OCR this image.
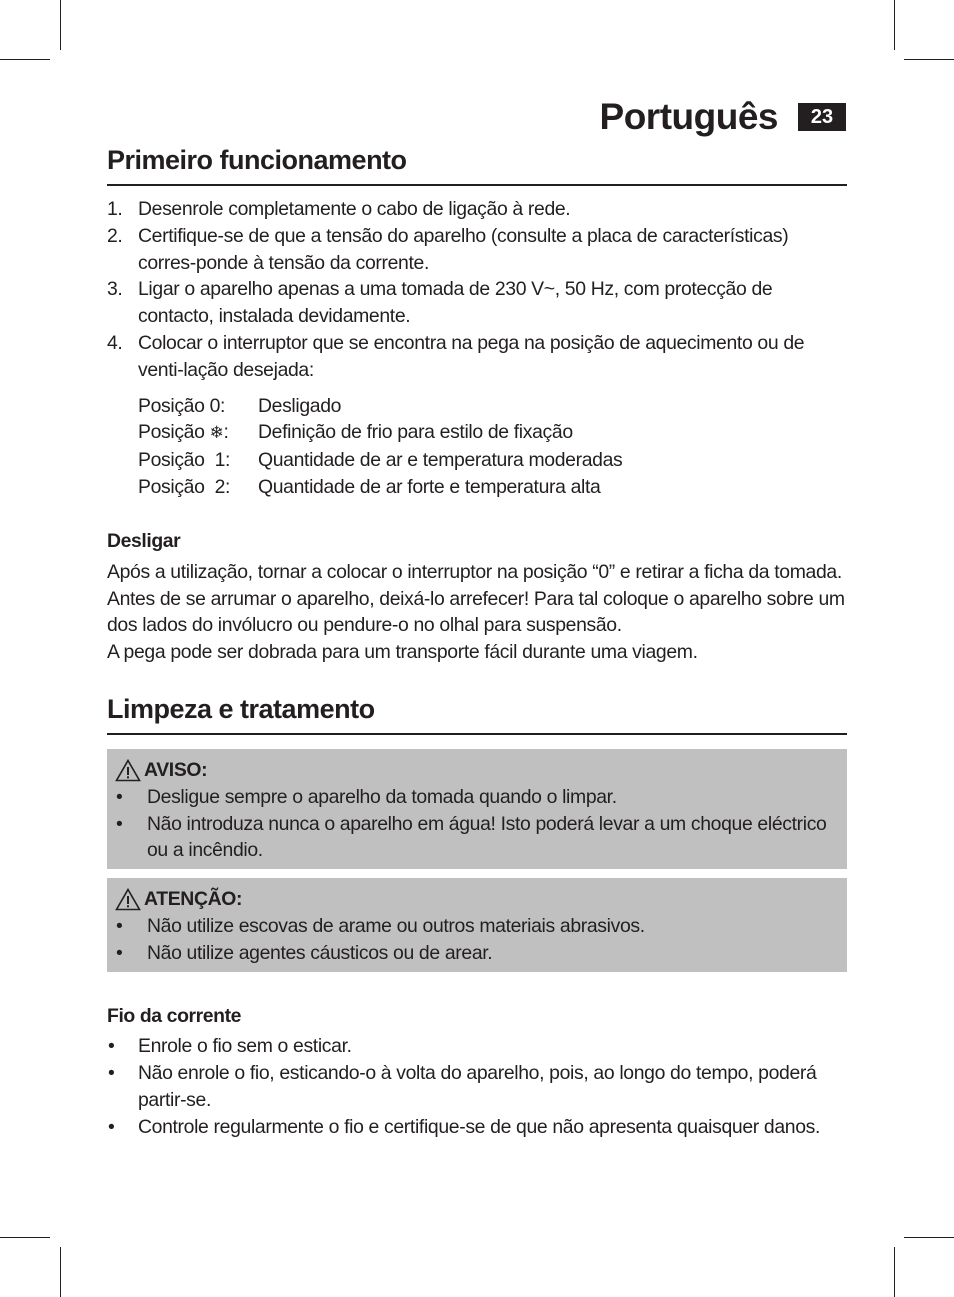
Português	23
Primeiro funcionamento
1. Desenrole completamente o cabo de ligação à rede.
2. Certifique-se de que a tensão do aparelho (consulte a placa de características) corres-ponde à tensão da corrente.
3. Ligar o aparelho apenas a uma tomada de 230 V~, 50 Hz, com protecção de contacto, instalada devidamente.
4. Colocar o interruptor que se encontra na pega na posição de aquecimento ou de venti-lação desejada:
Posição 0:	Desligado
Posição ❄:	Definição de frio para estilo de fixação
Posição  1:	Quantidade de ar e temperatura moderadas
Posição  2:	Quantidade de ar forte e temperatura alta
Desligar

Após a utilização, tornar a colocar o interruptor na posição “0” e retirar a ficha da tomada.

Antes de se arrumar o aparelho, deixá-lo arrefecer! Para tal coloque o aparelho sobre um dos lados do invólucro ou pendure-o no olhal para suspensão.

A pega pode ser dobrada para um transporte fácil durante uma viagem.

Limpeza e tratamento
AVISO:
• Desligue sempre o aparelho da tomada quando o limpar.
• Não introduza nunca o aparelho em água! Isto poderá levar a um choque eléctrico ou a incêndio.
ATENÇÃO:
• Não utilize escovas de arame ou outros materiais abrasivos.
• Não utilize agentes cáusticos ou de arear.
Fio da corrente
• Enrole o fio sem o esticar.
• Não enrole o fio, esticando-o à volta do aparelho, pois, ao longo do tempo, poderá partir-se.
• Controle regularmente o fio e certifique-se de que não apresenta quaisquer danos.
